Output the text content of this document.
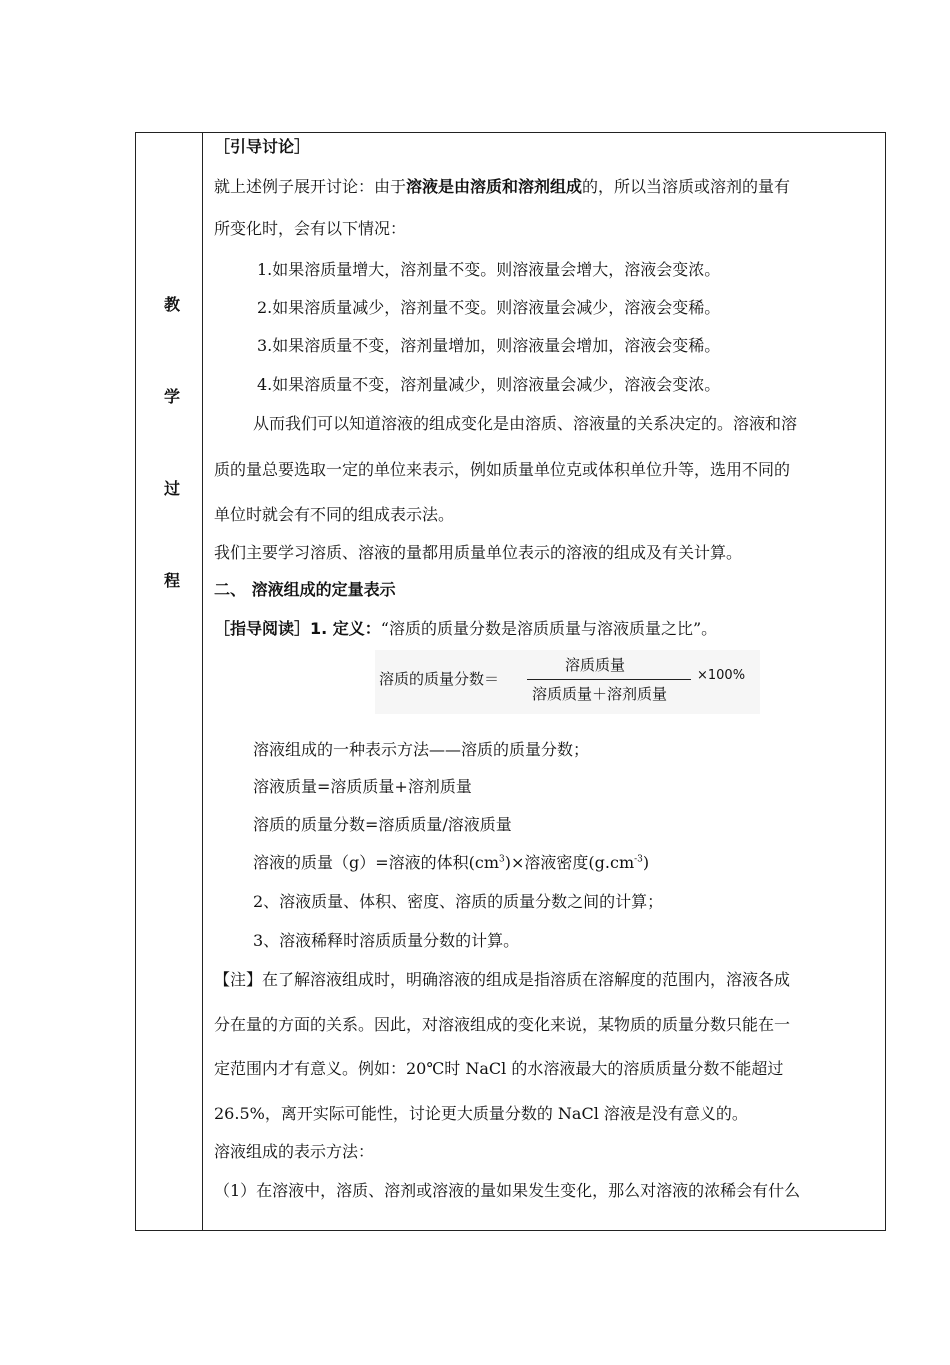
教
学
过
程
［引导讨论］
就上述例子展开讨论：由于溶液是由溶质和溶剂组成的，所以当溶质或溶剂的量有
所变化时，会有以下情况：
1.如果溶质量增大，溶剂量不变。则溶液量会增大，溶液会变浓。
2.如果溶质量减少，溶剂量不变。则溶液量会减少，溶液会变稀。
3.如果溶质量不变，溶剂量增加，则溶液量会增加，溶液会变稀。
4.如果溶质量不变，溶剂量减少，则溶液量会减少，溶液会变浓。
从而我们可以知道溶液的组成变化是由溶质、溶液量的关系决定的。溶液和溶
质的量总要选取一定的单位来表示，例如质量单位克或体积单位升等，选用不同的
单位时就会有不同的组成表示法。
我们主要学习溶质、溶液的量都用质量单位表示的溶液的组成及有关计算。
二、 溶液组成的定量表示
［指导阅读］1. 定义：“溶质的质量分数是溶质质量与溶液质量之比”。
溶质的质量分数＝
溶质质量
溶质质量＋溶剂质量
×100%
溶液组成的一种表示方法——溶质的质量分数；
溶液质量=溶质质量+溶剂质量
溶质的质量分数=溶质质量/溶液质量
溶液的质量（g）=溶液的体积$(cm^3)\times$溶液密度$(g.cm^{-3})$
2、溶液质量、体积、密度、溶质的质量分数之间的计算；
3、溶液稀释时溶质质量分数的计算。
【注】在了解溶液组成时，明确溶液的组成是指溶质在溶解度的范围内，溶液各成
分在量的方面的关系。因此，对溶液组成的变化来说，某物质的质量分数只能在一
定范围内才有意义。例如：20℃时 NaCl 的水溶液最大的溶质质量分数不能超过
26.5%，离开实际可能性，讨论更大质量分数的 NaCl 溶液是没有意义的。
溶液组成的表示方法：
（1）在溶液中，溶质、溶剂或溶液的量如果发生变化，那么对溶液的浓稀会有什么
